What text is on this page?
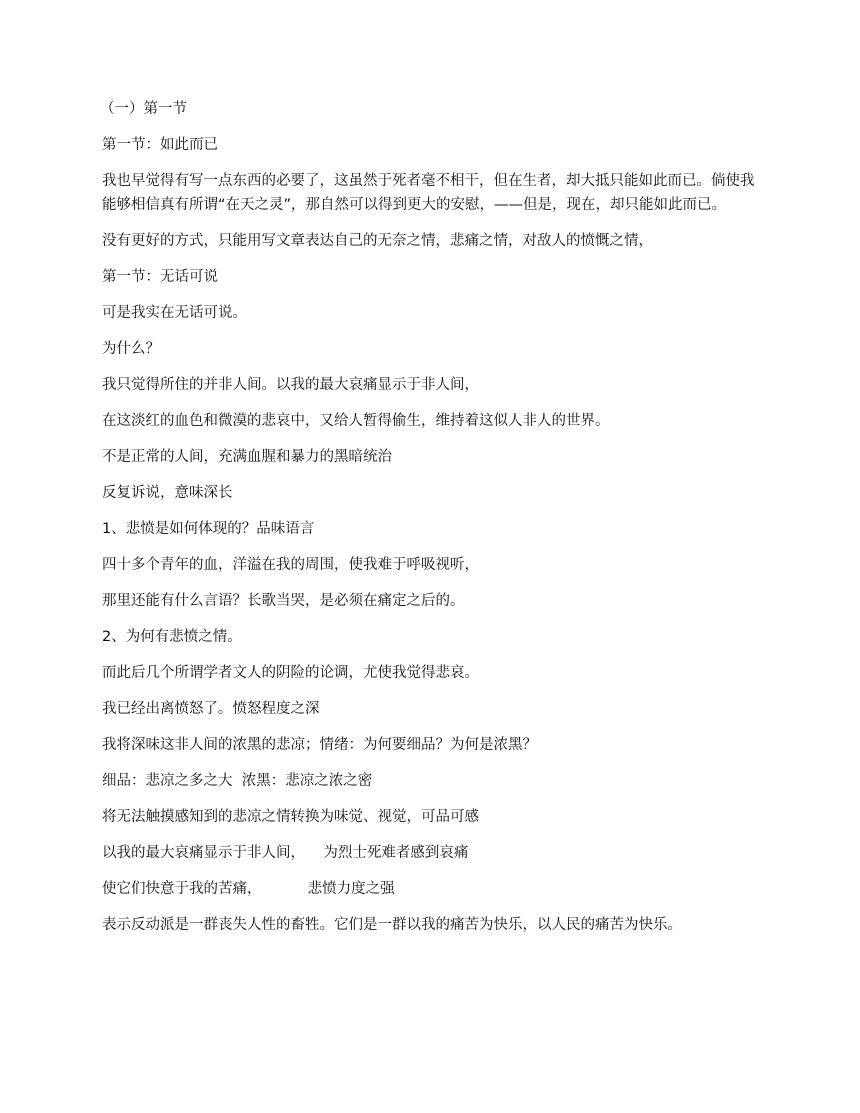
（一）第一节

第一节：如此而已

我也早觉得有写一点东西的必要了，这虽然于死者毫不相干，但在生者，却大抵只能如此而已。倘使我能够相信真有所谓“在天之灵”，那自然可以得到更大的安慰，——但是，现在，却只能如此而已。

没有更好的方式，只能用写文章表达自己的无奈之情，悲痛之情，对敌人的愤慨之情，

第一节：无话可说

可是我实在无话可说。

为什么？

我只觉得所住的并非人间。以我的最大哀痛显示于非人间，

在这淡红的血色和微漠的悲哀中，又给人暂得偷生，维持着这似人非人的世界。

不是正常的人间，充满血腥和暴力的黑暗统治

反复诉说，意味深长

1、悲愤是如何体现的？品味语言

四十多个青年的血，洋溢在我的周围，使我难于呼吸视听，

那里还能有什么言语？长歌当哭，是必须在痛定之后的。

2、为何有悲愤之情。

而此后几个所谓学者文人的阴险的论调，尤使我觉得悲哀。

我已经出离愤怒了。愤怒程度之深

我将深味这非人间的浓黑的悲凉；情绪：为何要细品？为何是浓黑？

细品：悲凉之多之大  浓黑：悲凉之浓之密

将无法触摸感知到的悲凉之情转换为味觉、视觉，可品可感

以我的最大哀痛显示于非人间，    为烈士死难者感到哀痛

使它们快意于我的苦痛，          悲愤力度之强

表示反动派是一群丧失人性的畜牲。它们是一群以我的痛苦为快乐，以人民的痛苦为快乐。
